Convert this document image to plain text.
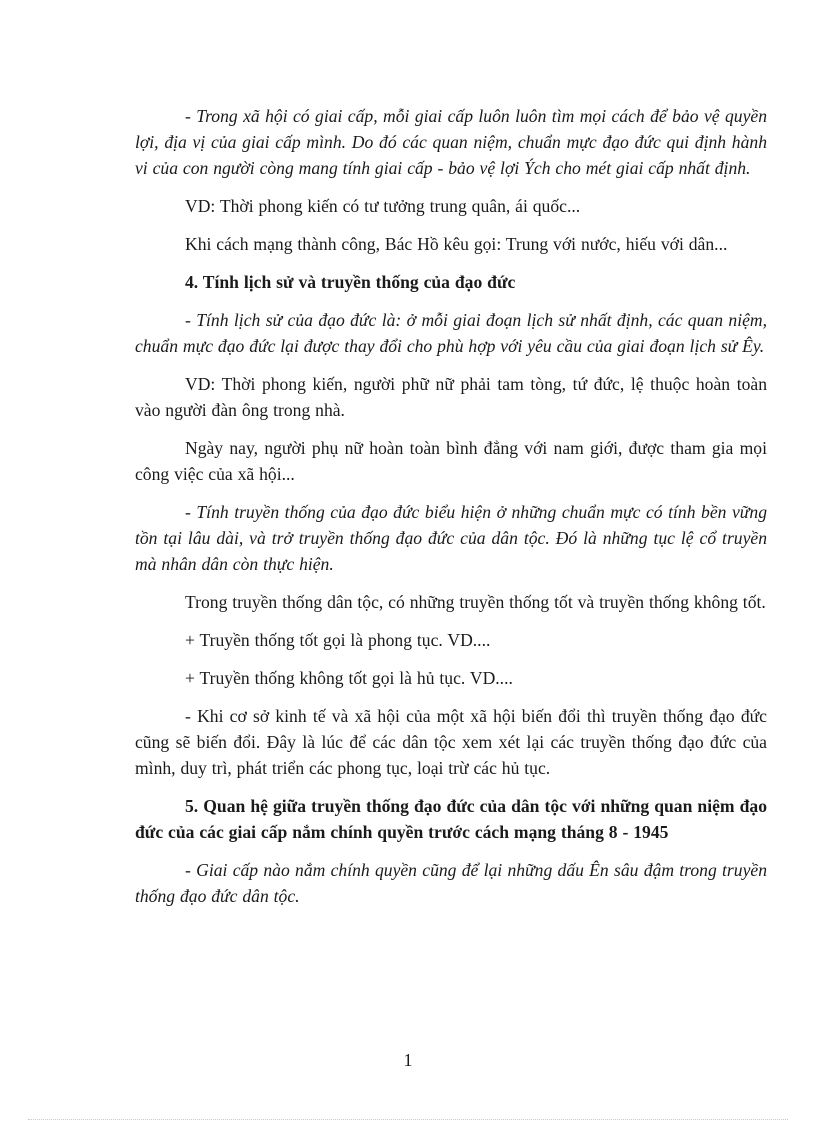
- Trong xã hội có giai cấp, mỗi giai cấp luôn luôn tìm mọi cách để bảo vệ quyền lợi, địa vị của giai cấp mình. Do đó các quan niệm, chuẩn mực đạo đức qui định hành vi của con người còng mang tính giai cấp - bảo vệ lợi Ých cho mét giai cấp nhất định.

VD: Thời phong kiến có tư tưởng trung quân, ái quốc...

Khi cách mạng thành công, Bác Hồ kêu gọi: Trung với nước, hiếu với dân...

4. Tính lịch sử và truyền thống của đạo đức

- Tính lịch sử của đạo đức là: ở mỗi giai đoạn lịch sử nhất định, các quan niệm, chuẩn mực đạo đức lại được thay đổi cho phù hợp với yêu cầu của giai đoạn lịch sử Êy.

VD: Thời phong kiến, người phữ nữ phải tam tòng, tứ đức, lệ thuộc hoàn toàn vào người đàn ông trong nhà.

Ngày nay, người phụ nữ hoàn toàn bình đẳng với nam giới, được tham gia mọi công việc của xã hội...

- Tính truyền thống của đạo đức biểu hiện ở những chuẩn mực có tính bền vững tồn tại lâu dài, và trở truyền thống đạo đức của dân tộc. Đó là những tục lệ cổ truyền mà nhân dân còn thực hiện.

Trong truyền thống dân tộc, có những truyền thống tốt và truyền thống không tốt.

+ Truyền thống tốt gọi là phong tục. VD....

+ Truyền thống không tốt gọi là hủ tục. VD....

- Khi cơ sở kinh tế và xã hội của một xã hội biến đổi thì truyền thống đạo đức cũng sẽ biến đổi. Đây là lúc để các dân tộc xem xét lại các truyền thống đạo đức của mình, duy trì, phát triển các phong tục, loại trừ các hủ tục.

5. Quan hệ giữa truyền thống đạo đức của dân tộc với những quan niệm đạo đức của các giai cấp nắm chính quyền trước cách mạng tháng 8 - 1945

- Giai cấp nào nắm chính quyền cũng để lại những dấu Ên sâu đậm trong truyền thống đạo đức dân tộc.

1
